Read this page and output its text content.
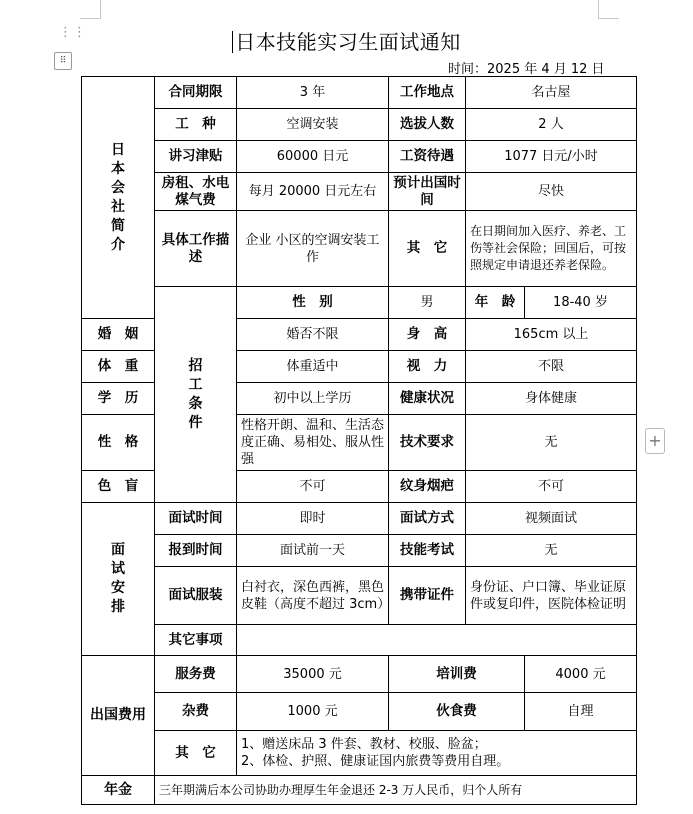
⋮⋮
⠿
+
日本技能实习生面试通知
时间：2025 年 4 月 12 日
日本会社简介	合同期限	3 年	工作地点	名古屋	
	工　种	空调安装	选拔人数	2 人	
	讲习津贴	60000 日元	工资待遇	1077 日元/小时	
	房租、水电煤气费	每月 20000 日元左右	预计出国时间	尽快	
	具体工作描述	企业 小区的空调安装工作	其　它	在日期间加入医疗、养老、工伤等社会保险；回国后，可按照规定申请退还养老保险。	
	招工条件	性　别	男	年　龄	18-40 岁
婚　姻		婚否不限	身　高	165cm 以上	
体　重		体重适中	视　力	不限	
学　历		初中以上学历	健康状况	身体健康	
性　格		性格开朗、温和、生活态度正确、易相处、服从性强	技术要求	无	
色　盲		不可	纹身烟疤	不可	
面试安排	面试时间	即时	面试方式	视频面试	
	报到时间	面试前一天	技能考试	无	
	面试服装	白衬衣，深色西裤，黑色皮鞋（高度不超过 3cm）	携带证件	身份证、户口簿、毕业证原件或复印件，医院体检证明	
	其它事项				
出国费用	服务费	35000 元	培训费		4000 元
	杂费	1000 元	伙食费		自理
	其　它	1、赠送床品 3 件套、教材、校服、脸盆；
2、体检、护照、健康证国内旅费等费用自理。			

年金	三年期满后本公司协助办理厚生年金退还 2-3 万人民币，归个人所有				
